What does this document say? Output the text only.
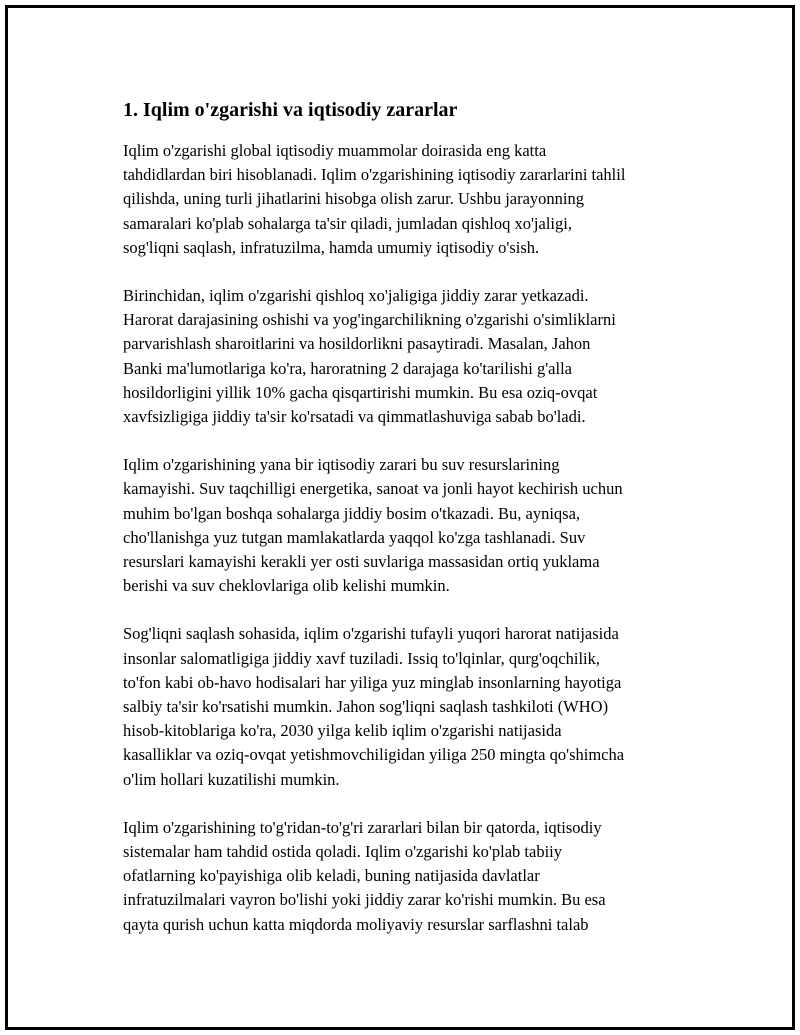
1. Iqlim o'zgarishi va iqtisodiy zararlar
Iqlim o'zgarishi global iqtisodiy muammolar doirasida eng katta
tahdidlardan biri hisoblanadi. Iqlim o'zgarishining iqtisodiy zararlarini tahlil
qilishda, uning turli jihatlarini hisobga olish zarur. Ushbu jarayonning
samaralari ko'plab sohalarga ta'sir qiladi, jumladan qishloq xo'jaligi,
sog'liqni saqlash, infratuzilma, hamda umumiy iqtisodiy o'sish.
Birinchidan, iqlim o'zgarishi qishloq xo'jaligiga jiddiy zarar yetkazadi.
Harorat darajasining oshishi va yog'ingarchilikning o'zgarishi o'simliklarni
parvarishlash sharoitlarini va hosildorlikni pasaytiradi. Masalan, Jahon
Banki ma'lumotlariga ko'ra, haroratning 2 darajaga ko'tarilishi g'alla
hosildorligini yillik 10% gacha qisqartirishi mumkin. Bu esa oziq-ovqat
xavfsizligiga jiddiy ta'sir ko'rsatadi va qimmatlashuviga sabab bo'ladi.
Iqlim o'zgarishining yana bir iqtisodiy zarari bu suv resurslarining
kamayishi. Suv taqchilligi energetika, sanoat va jonli hayot kechirish uchun
muhim bo'lgan boshqa sohalarga jiddiy bosim o'tkazadi. Bu, ayniqsa,
cho'llanishga yuz tutgan mamlakatlarda yaqqol ko'zga tashlanadi. Suv
resurslari kamayishi kerakli yer osti suvlariga massasidan ortiq yuklama
berishi va suv cheklovlariga olib kelishi mumkin.
Sog'liqni saqlash sohasida, iqlim o'zgarishi tufayli yuqori harorat natijasida
insonlar salomatligiga jiddiy xavf tuziladi. Issiq to'lqinlar, qurg'oqchilik,
to'fon kabi ob-havo hodisalari har yiliga yuz minglab insonlarning hayotiga
salbiy ta'sir ko'rsatishi mumkin. Jahon sog'liqni saqlash tashkiloti (WHO)
hisob-kitoblariga ko'ra, 2030 yilga kelib iqlim o'zgarishi natijasida
kasalliklar va oziq-ovqat yetishmovchiligidan yiliga 250 mingta qo'shimcha
o'lim hollari kuzatilishi mumkin.
Iqlim o'zgarishining to'g'ridan-to'g'ri zararlari bilan bir qatorda, iqtisodiy
sistemalar ham tahdid ostida qoladi. Iqlim o'zgarishi ko'plab tabiiy
ofatlarning ko'payishiga olib keladi, buning natijasida davlatlar
infratuzilmalari vayron bo'lishi yoki jiddiy zarar ko'rishi mumkin. Bu esa
qayta qurish uchun katta miqdorda moliyaviy resurslar sarflashni talab
